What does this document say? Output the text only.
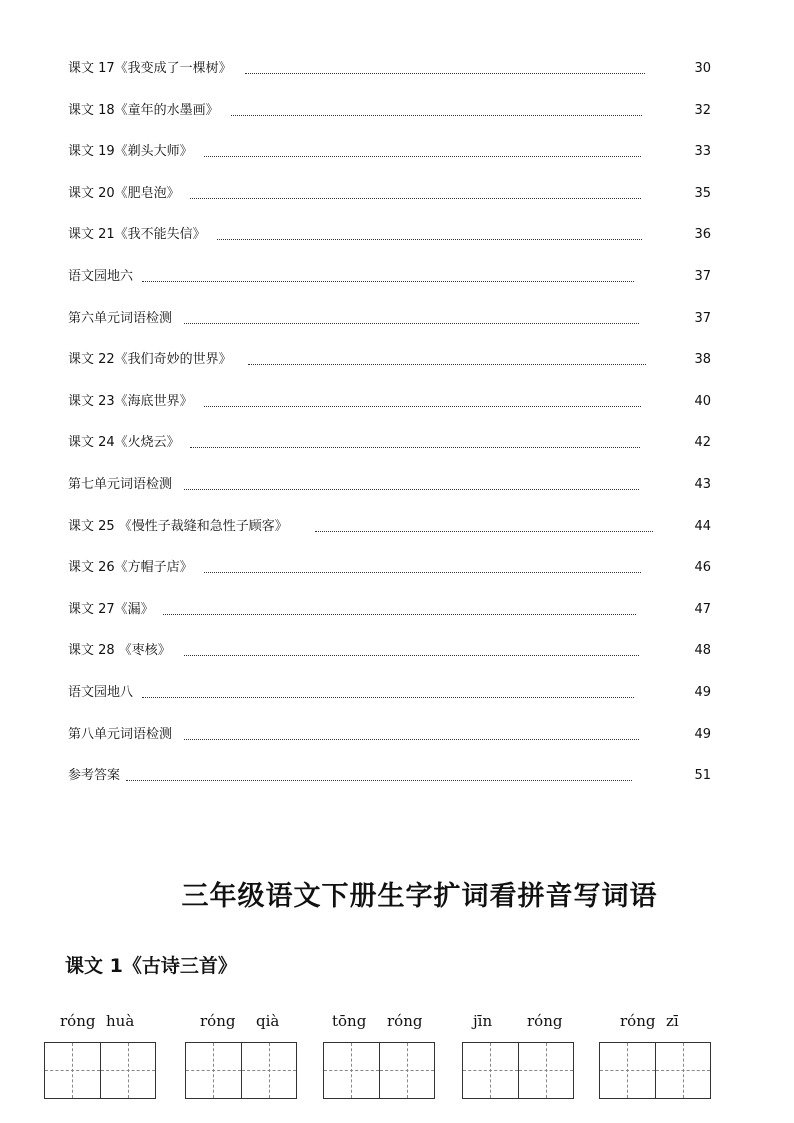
课文 17《我变成了一棵树》	30
课文 18《童年的水墨画》	32
课文 19《剃头大师》	33
课文 20《肥皂泡》	35
课文 21《我不能失信》	36
语文园地六	37
第六单元词语检测	37
课文 22《我们奇妙的世界》	38
课文 23《海底世界》	40
课文 24《火烧云》	42
第七单元词语检测	43
课文 25 《慢性子裁缝和急性子顾客》	44
课文 26《方帽子店》	46
课文 27《漏》	47
课文 28 《枣核》	48
语文园地八	49
第八单元词语检测	49
参考答案	51
三年级语文下册生字扩词看拼音写词语
课文 1《古诗三首》
róng huà	róng qià	tōng róng	jīn róng	róng zī
